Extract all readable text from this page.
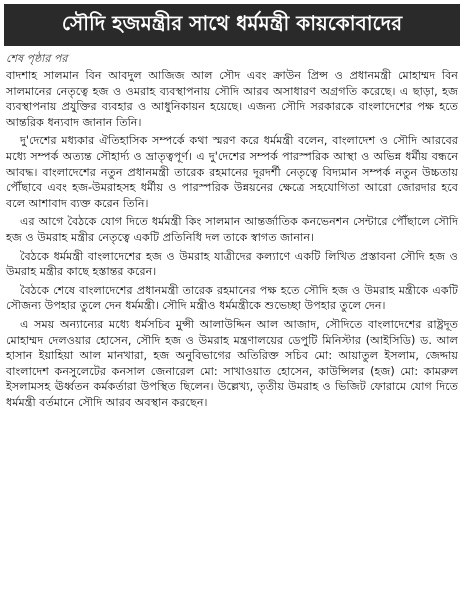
সৌদি হজমন্ত্রীর সাথে ধর্মমন্ত্রী কায়কোবাদের
শেষ পৃষ্ঠার পর

বাদশাহ সালমান বিন আবদুল আজিজ আল সৌদ এবং ক্রাউন প্রিন্স ও প্রধানমন্ত্রী মোহাম্মদ বিন সালমানের নেতৃত্বে হজ ও ওমরাহ ব্যবস্থাপনায় সৌদি আরব অসাধারণ অগ্রগতি করেছে। এ ছাড়া, হজ ব্যবস্থাপনায় প্রযুক্তির ব্যবহার ও আধুনিকায়ন হয়েছে। এজন্য সৌদি সরকারকে বাংলাদেশের পক্ষ হতে আন্তরিক ধন্যবাদ জানান তিনি।

দু'দেশের মধ্যকার ঐতিহাসিক সম্পর্কে কথা স্মরণ করে ধর্মমন্ত্রী বলেন, বাংলাদেশ ও সৌদি আরবের মধ্যে সম্পর্ক অত্যন্ত সৌহার্দ্য ও ভ্রাতৃত্বপূর্ণ। এ দু'দেশের সম্পর্ক পারস্পরিক আস্থা ও অভিন্ন ধর্মীয় বন্ধনে আবদ্ধ। বাংলাদেশের নতুন প্রধানমন্ত্রী তারেক রহমানের দূরদর্শী নেতৃত্বে বিদ্যমান সম্পর্ক নতুন উচ্চতায় পৌঁছাবে এবং হজ-উমরাহসহ ধর্মীয় ও পারস্পরিক উন্নয়নের ক্ষেত্রে সহযোগিতা আরো জোরদার হবে বলে আশাবাদ ব্যক্ত করেন তিনি।

এর আগে বৈঠকে যোগ দিতে ধর্মমন্ত্রী কিং সালমান আন্তর্জাতিক কনভেনশন সেন্টারে পৌঁছালে সৌদি হজ ও উমরাহ মন্ত্রীর নেতৃত্বে একটি প্রতিনিধি দল তাকে স্বাগত জানান।

বৈঠকে ধর্মমন্ত্রী বাংলাদেশের হজ ও উমরাহ যাত্রীদের কল্যাণে একটি লিখিত প্রস্তাবনা সৌদি হজ ও উমরাহ মন্ত্রীর কাছে হস্তান্তর করেন।

বৈঠকে শেষে বাংলাদেশের প্রধানমন্ত্রী তারেক রহমানের পক্ষ হতে সৌদি হজ ও উমরাহ মন্ত্রীকে একটি সৌজন্য উপহার তুলে দেন ধর্মমন্ত্রী। সৌদি মন্ত্রীও ধর্মমন্ত্রীকে শুভেচ্ছা উপহার তুলে দেন।

এ সময় অন্যান্যের মধ্যে ধর্মসচিব মুন্সী আলাউদ্দিন আল আজাদ, সৌদিতে বাংলাদেশের রাষ্ট্রদূত মোহাম্মদ দেলওয়ার হোসেন, সৌদি হজ ও উমরাহ মন্ত্রণালয়ের ডেপুটি মিনিস্টার (আইসিডি) ড. আল হাসান ইয়াহিয়া আল মানখারা, হজ অনুবিভাগের অতিরিক্ত সচিব মো: আয়াতুল ইসলাম, জেদ্দায় বাংলাদেশ কনসুলেটের কনসাল জেনারেল মো: সাখাওয়াত হোসেন, কাউন্সিলর (হজ) মো: কামরুল ইসলামসহ ঊর্ধ্বতন কর্মকর্তারা উপস্থিত ছিলেন। উল্লেখ্য, তৃতীয় উমরাহ ও ভিজিট ফোরামে যোগ দিতে ধর্মমন্ত্রী বর্তমানে সৌদি আরব অবস্থান করছেন।
